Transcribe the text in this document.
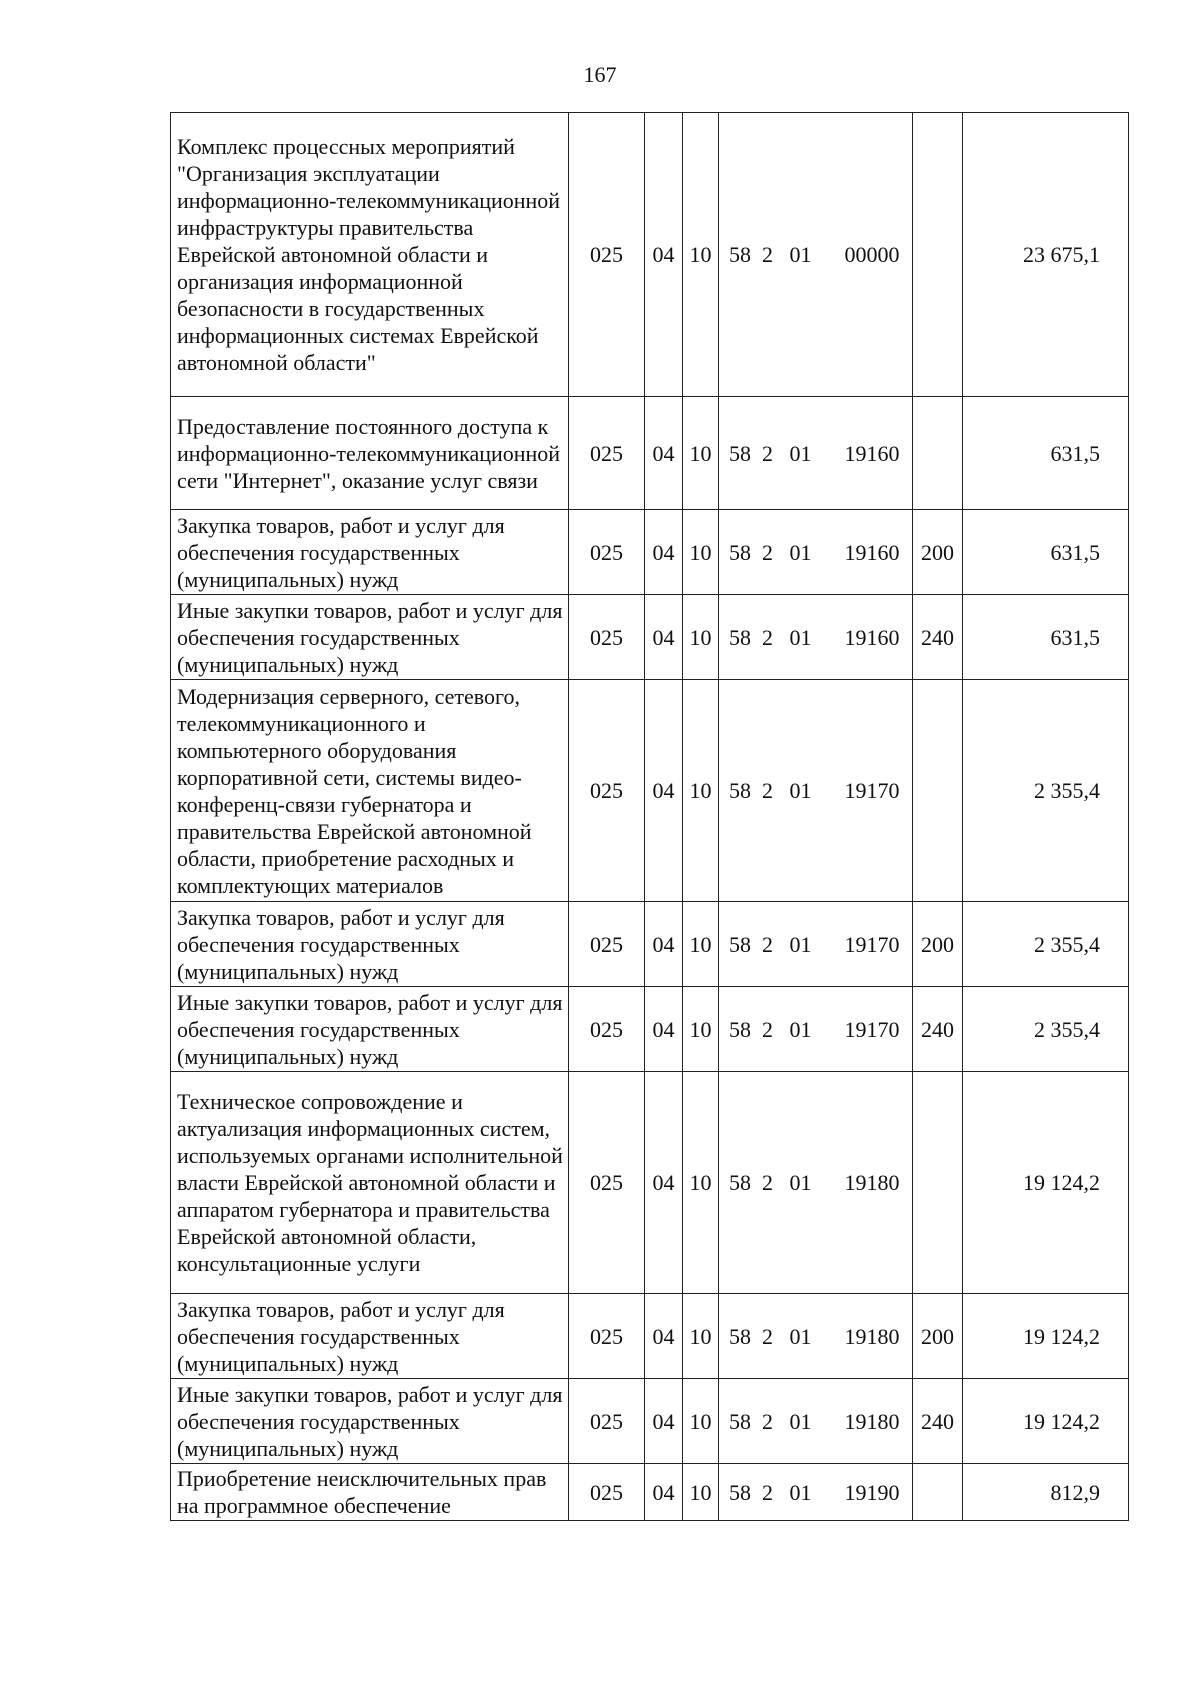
167
Комплекс процессных мероприятий "Организация эксплуатации информационно-телекоммуникационной инфраструктуры правительства Еврейской автономной области и организация информационной безопасности в государственных информационных системах Еврейской автономной области"	025	04	10	58 2 01 00000		23 675,1
Предоставление постоянного доступа к информационно-телекоммуникационной сети "Интернет", оказание услуг связи	025	04	10	58 2 01 19160		631,5
Закупка товаров, работ и услуг для обеспечения государственных (муниципальных) нужд	025	04	10	58 2 01 19160	200	631,5
Иные закупки товаров, работ и услуг для обеспечения государственных (муниципальных) нужд	025	04	10	58 2 01 19160	240	631,5
Модернизация серверного, сетевого, телекоммуникационного и компьютерного оборудования корпоративной сети, системы видео-конференц-связи губернатора и правительства Еврейской автономной области, приобретение расходных и комплектующих материалов	025	04	10	58 2 01 19170		2 355,4
Закупка товаров, работ и услуг для обеспечения государственных (муниципальных) нужд	025	04	10	58 2 01 19170	200	2 355,4
Иные закупки товаров, работ и услуг для обеспечения государственных (муниципальных) нужд	025	04	10	58 2 01 19170	240	2 355,4
Техническое сопровождение и актуализация информационных систем, используемых органами исполнительной власти Еврейской автономной области и аппаратом губернатора и правительства Еврейской автономной области, консультационные услуги	025	04	10	58 2 01 19180		19 124,2
Закупка товаров, работ и услуг для обеспечения государственных (муниципальных) нужд	025	04	10	58 2 01 19180	200	19 124,2
Иные закупки товаров, работ и услуг для обеспечения государственных (муниципальных) нужд	025	04	10	58 2 01 19180	240	19 124,2
Приобретение неисключительных прав на программное обеспечение	025	04	10	58 2 01 19190		812,9
